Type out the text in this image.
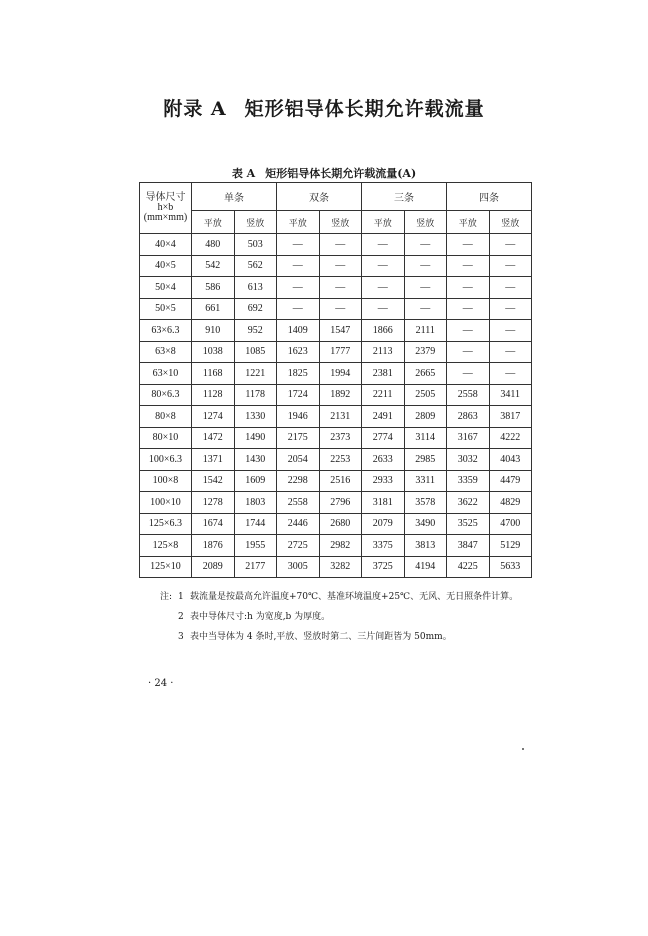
附录 A 矩形铝导体长期允许载流量
表 A 矩形铝导体长期允许载流量(A)
导体尺寸
h×b
(mm×mm)	单条		双条		三条		四条	
	平放	竖放	平放	竖放	平放	竖放	平放	竖放
40×4	480	503	—	—	—	—	—	—
40×5	542	562	—	—	—	—	—	—
50×4	586	613	—	—	—	—	—	—
50×5	661	692	—	—	—	—	—	—
63×6.3	910	952	1409	1547	1866	2111	—	—
63×8	1038	1085	1623	1777	2113	2379	—	—
63×10	1168	1221	1825	1994	2381	2665	—	—
80×6.3	1128	1178	1724	1892	2211	2505	2558	3411
80×8	1274	1330	1946	2131	2491	2809	2863	3817
80×10	1472	1490	2175	2373	2774	3114	3167	4222
100×6.3	1371	1430	2054	2253	2633	2985	3032	4043
100×8	1542	1609	2298	2516	2933	3311	3359	4479
100×10	1278	1803	2558	2796	3181	3578	3622	4829
125×6.3	1674	1744	2446	2680	2079	3490	3525	4700
125×8	1876	1955	2725	2982	3375	3813	3847	5129
125×10	2089	2177	3005	3282	3725	4194	4225	5633
注: 1 载流量是按最高允许温度+70℃、基准环境温度+25℃、无风、无日照条件计算。
2 表中导体尺寸:h 为宽度,b 为厚度。
3 表中当导体为 4 条时,平放、竖放时第二、三片间距皆为 50mm。
· 24 ·
